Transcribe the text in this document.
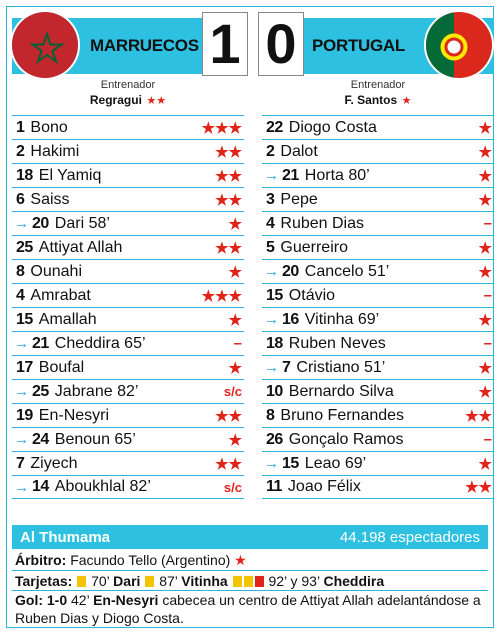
MARRUECOS 1 0 PORTUGAL
Entrenador
Regragui ★★
Entrenador
F. Santos ★
1 Bono	★★★
2 Hakimi	★★
18 El Yamiq	★★
6 Saiss	★★
→ 20 Dari 58’	★
25 Attiyat Allah	★★
8 Ounahi	★
4 Amrabat	★★★
15 Amallah	★
→ 21 Cheddira 65’	–
17 Boufal	★
→ 25 Jabrane 82’	s/c
19 En-Nesyri	★★
→ 24 Benoun 65’	★
7 Ziyech	★★
→ 14 Aboukhlal 82’	s/c
22 Diogo Costa	★
2 Dalot	★
→ 21 Horta 80’	★
3 Pepe	★
4 Ruben Dias	–
5 Guerreiro	★
→ 20 Cancelo 51’	★
15 Otávio	–
→ 16 Vitinha 69’	★
18 Ruben Neves	–
→ 7 Cristiano 51’	★
10 Bernardo Silva	★
8 Bruno Fernandes	★★
26 Gonçalo Ramos	–
→ 15 Leao 69’	★
11 Joao Félix	★★
Al Thumama	44.198 espectadores
Árbitro: Facundo Tello (Argentino) ★
Tarjetas: 70’ Dari 87’ Vitinha	92’ y 93’ Cheddira
Gol: 1-0 42’ En-Nesyri cabecea un centro de Attiyat Allah adelantándose a Ruben Dias y Diogo Costa.
